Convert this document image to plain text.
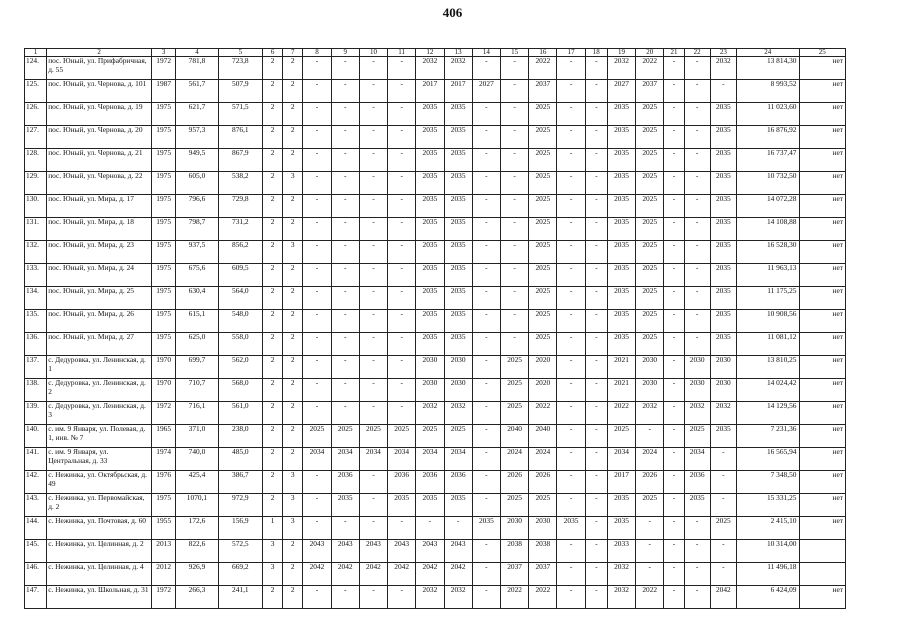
406
1	2	3	4	5	6	7	8	9	10	11	12	13	14	15	16	17	18	19	20	21	22	23	24	25
124.	пос. Юный, ул. Прифабричная, д. 55	1972	781,8	723,8	2	2	-	-	-	-	2032	2032	-	-	2022	-	-	2032	2022	-	-	2032	13 814,30	нет
125.	пос. Юный, ул. Чернова, д. 101	1987	561,7	507,9	2	2	-	-	-	-	2017	2017	2027	-	2037	-	-	2027	2037	-	-	-	8 993,52	нет
126.	пос. Юный, ул. Чернова, д. 19	1975	621,7	571,5	2	2	-	-	-	-	2035	2035	-	-	2025	-	-	2035	2025	-	-	2035	11 023,60	нет
127.	пос. Юный, ул. Чернова, д. 20	1975	957,3	876,1	2	2	-	-	-	-	2035	2035	-	-	2025	-	-	2035	2025	-	-	2035	16 876,92	нет
128.	пос. Юный, ул. Чернова, д. 21	1975	949,5	867,9	2	2	-	-	-	-	2035	2035	-	-	2025	-	-	2035	2025	-	-	2035	16 737,47	нет
129.	пос. Юный, ул. Чернова, д. 22	1975	605,0	538,2	2	3	-	-	-	-	2035	2035	-	-	2025	-	-	2035	2025	-	-	2035	10 732,50	нет
130.	пос. Юный, ул. Мира, д. 17	1975	796,6	729,8	2	2	-	-	-	-	2035	2035	-	-	2025	-	-	2035	2025	-	-	2035	14 072,28	нет
131.	пос. Юный, ул. Мира, д. 18	1975	798,7	731,2	2	2	-	-	-	-	2035	2035	-	-	2025	-	-	2035	2025	-	-	2035	14 108,88	нет
132.	пос. Юный, ул. Мира, д. 23	1975	937,5	856,2	2	3	-	-	-	-	2035	2035	-	-	2025	-	-	2035	2025	-	-	2035	16 528,30	нет
133.	пос. Юный, ул. Мира, д. 24	1975	675,6	609,5	2	2	-	-	-	-	2035	2035	-	-	2025	-	-	2035	2025	-	-	2035	11 963,13	нет
134.	пос. Юный, ул. Мира, д. 25	1975	630,4	564,0	2	2	-	-	-	-	2035	2035	-	-	2025	-	-	2035	2025	-	-	2035	11 175,25	нет
135.	пос. Юный, ул. Мира, д. 26	1975	615,1	548,0	2	2	-	-	-	-	2035	2035	-	-	2025	-	-	2035	2025	-	-	2035	10 908,56	нет
136.	пос. Юный, ул. Мира, д. 27	1975	625,0	558,0	2	2	-	-	-	-	2035	2035	-	-	2025	-	-	2035	2025	-	-	2035	11 081,12	нет
137.	с. Дедуровка, ул. Ленинская, д. 1	1970	699,7	562,0	2	2	-	-	-	-	2030	2030	-	2025	2020	-	-	2021	2030	-	2030	2030	13 810,25	нет
138.	с. Дедуровка, ул. Ленинская, д. 2	1970	710,7	568,0	2	2	-	-	-	-	2030	2030	-	2025	2020	-	-	2021	2030	-	2030	2030	14 024,42	нет
139.	с. Дедуровка, ул. Ленинская, д. 3	1972	716,1	561,0	2	2	-	-	-	-	2032	2032	-	2025	2022	-	-	2022	2032	-	2032	2032	14 129,56	нет
140.	с. им. 9 Января, ул. Полевая, д. 1, инв. № 7	1965	371,0	238,0	2	2	2025	2025	2025	2025	2025	2025	-	2040	2040	-	-	2025	-	-	2025	2035	7 231,36	нет
141.	с. им. 9 Января, ул. Центральная, д. 33	1974	740,0	485,0	2	2	2034	2034	2034	2034	2034	2034	-	2024	2024	-	-	2034	2024	-	2034	-	16 565,94	нет
142.	с. Нежинка, ул. Октябрьская, д. 49	1976	425,4	386,7	2	3	-	2036	-	2036	2036	2036	-	2026	2026	-	-	2017	2026	-	2036	-	7 348,50	нет
143.	с. Нежинка, ул. Первомайская, д. 2	1975	1070,1	972,9	2	3	-	2035	-	2035	2035	2035	-	2025	2025	-	-	2035	2025	-	2035	-	15 331,25	нет
144.	с. Нежинка, ул. Почтовая, д. 60	1955	172,6	156,9	1	3	-	-	-	-	-	-	2035	2030	2030	2035	-	2035	-	-	-	2025	2 415,10	нет
145.	с. Нежинка, ул. Целинная, д. 2	2013	822,6	572,5	3	2	2043	2043	2043	2043	2043	2043	-	2038	2038	-	-	2033	-	-	-	-	10 314,00	
146.	с. Нежинка, ул. Целинная, д. 4	2012	926,9	669,2	3	2	2042	2042	2042	2042	2042	2042	-	2037	2037	-	-	2032	-	-	-	-	11 496,18	
147.	с. Нежинка, ул. Школьная, д. 31	1972	266,3	241,1	2	2	-	-	-	-	2032	2032	-	2022	2022	-	-	2032	2022	-	-	2042	6 424,09	нет
